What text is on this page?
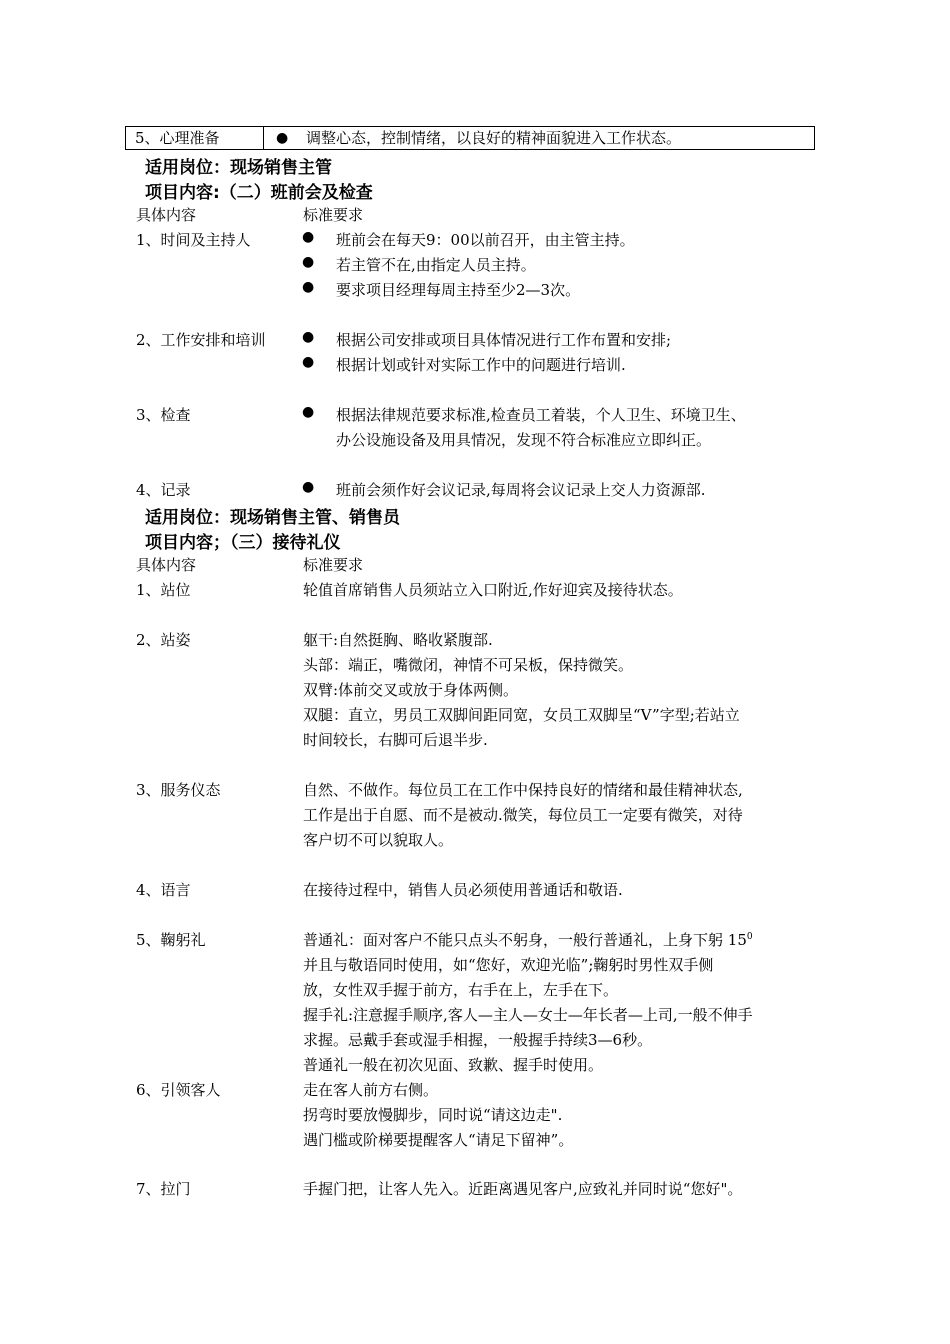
5、心理准备	● 调整心态，控制情绪，以良好的精神面貌进入工作状态。
适用岗位：现场销售主管
项目内容:（二）班前会及检查
具体内容	标准要求
1、时间及主持人	● 班前会在每天9：00以前召开，由主管主持。
● 若主管不在,由指定人员主持。
● 要求项目经理每周主持至少2—3次。
2、工作安排和培训	● 根据公司安排或项目具体情况进行工作布置和安排;
● 根据计划或针对实际工作中的问题进行培训.
3、检查	● 根据法律规范要求标准,检查员工着装，个人卫生、环境卫生、
办公设施设备及用具情况，发现不符合标准应立即纠正。
4、记录	● 班前会须作好会议记录,每周将会议记录上交人力资源部.
适用岗位：现场销售主管、销售员
项目内容；（三）接待礼仪
具体内容	标准要求
1、站位	轮值首席销售人员须站立入口附近,作好迎宾及接待状态。
2、站姿	躯干:自然挺胸、略收紧腹部.
头部：端正，嘴微闭，神情不可呆板，保持微笑。
双臂:体前交叉或放于身体两侧。
双腿：直立，男员工双脚间距同宽，女员工双脚呈“V”字型;若站立
时间较长，右脚可后退半步.
3、服务仪态	自然、不做作。每位员工在工作中保持良好的情绪和最佳精神状态,
工作是出于自愿、而不是被动.微笑，每位员工一定要有微笑，对待
客户切不可以貌取人。
4、语言	在接待过程中，销售人员必须使用普通话和敬语.
5、鞠躬礼	普通礼：面对客户不能只点头不躬身，一般行普通礼，上身下躬 $15^0$
并且与敬语同时使用，如“您好，欢迎光临”;鞠躬时男性双手侧
放，女性双手握于前方，右手在上，左手在下。
握手礼:注意握手顺序,客人—主人—女士—年长者—上司,一般不伸手
求握。忌戴手套或湿手相握，一般握手持续3—6秒。
普通礼一般在初次见面、致歉、握手时使用。
6、引领客人	走在客人前方右侧。
拐弯时要放慢脚步，同时说“请这边走".
遇门槛或阶梯要提醒客人“请足下留神”。
7、拉门	手握门把，让客人先入。近距离遇见客户,应致礼并同时说“您好"。
